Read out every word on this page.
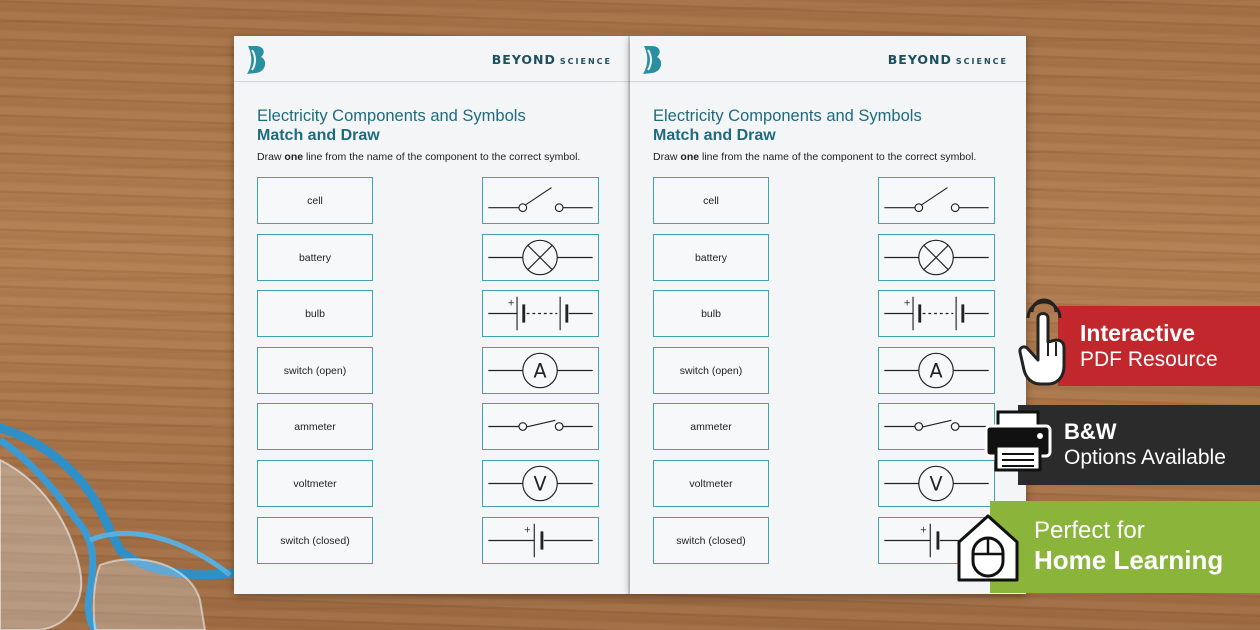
BEYOND SCIENCE
Electricity Components and Symbols
Match and Draw
Draw one line from the name of the component to the correct symbol.
cell
battery
bulb
switch (open)
ammeter
voltmeter
switch (closed)
+
A
V
+
BEYOND SCIENCE
Electricity Components and Symbols
Match and Draw
Draw one line from the name of the component to the correct symbol.
cell
battery
bulb
switch (open)
ammeter
voltmeter
switch (closed)
+
A
V
+
Interactive
PDF Resource
B&W
Options Available
Perfect for
Home Learning
